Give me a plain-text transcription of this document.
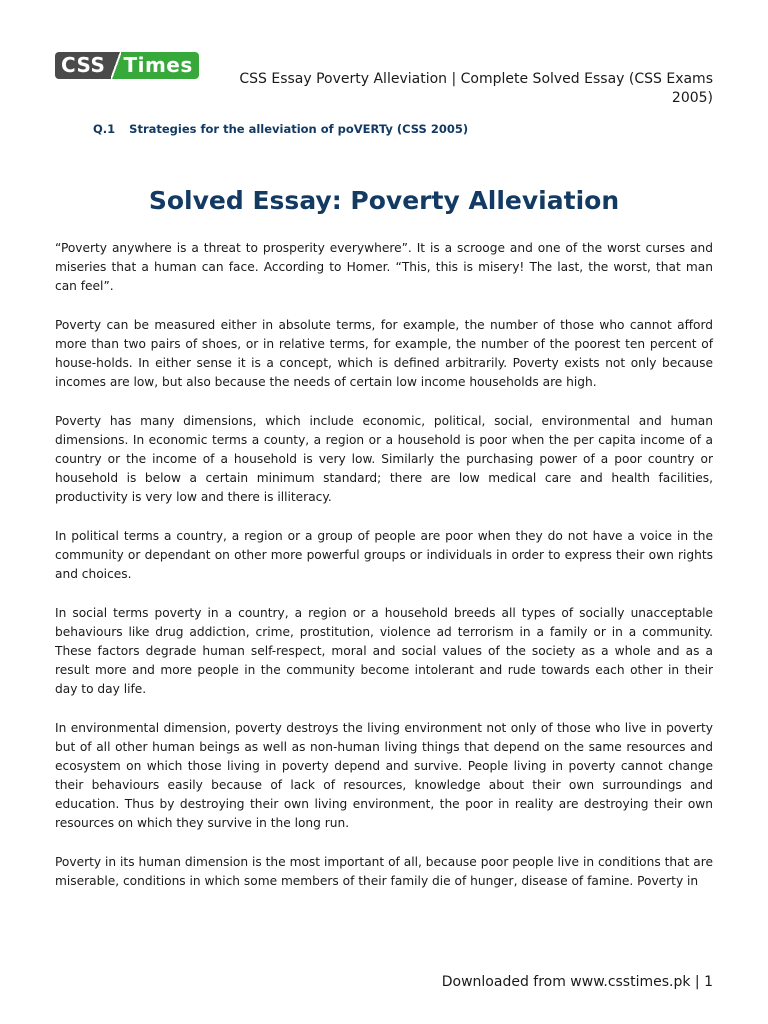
CSS Times
CSS Essay Poverty Alleviation | Complete Solved Essay (CSS Exams 2005)
Q.1 Strategies for the alleviation of poVERTy (CSS 2005)
Solved Essay: Poverty Alleviation

“Poverty anywhere is a threat to prosperity everywhere”. It is a scrooge and one of the worst curses and miseries that a human can face. According to Homer. “This, this is misery! The last, the worst, that man can feel”.

Poverty can be measured either in absolute terms, for example, the number of those who cannot afford more than two pairs of shoes, or in relative terms, for example, the number of the poorest ten percent of house-holds. In either sense it is a concept, which is defined arbitrarily. Poverty exists not only because incomes are low, but also because the needs of certain low income households are high.

Poverty has many dimensions, which include economic, political, social, environmental and human dimensions. In economic terms a county, a region or a household is poor when the per capita income of a country or the income of a household is very low. Similarly the purchasing power of a poor country or household is below a certain minimum standard; there are low medical care and health facilities, productivity is very low and there is illiteracy.

In political terms a country, a region or a group of people are poor when they do not have a voice in the community or dependant on other more powerful groups or individuals in order to express their own rights and choices.

In social terms poverty in a country, a region or a household breeds all types of socially unacceptable behaviours like drug addiction, crime, prostitution, violence ad terrorism in a family or in a community. These factors degrade human self-respect, moral and social values of the society as a whole and as a result more and more people in the community become intolerant and rude towards each other in their day to day life.

In environmental dimension, poverty destroys the living environment not only of those who live in poverty but of all other human beings as well as non-human living things that depend on the same resources and ecosystem on which those living in poverty depend and survive. People living in poverty cannot change their behaviours easily because of lack of resources, knowledge about their own surroundings and education. Thus by destroying their own living environment, the poor in reality are destroying their own resources on which they survive in the long run.

Poverty in its human dimension is the most important of all, because poor people live in conditions that are miserable, conditions in which some members of their family die of hunger, disease of famine. Poverty in

Downloaded from www.csstimes.pk | 1
